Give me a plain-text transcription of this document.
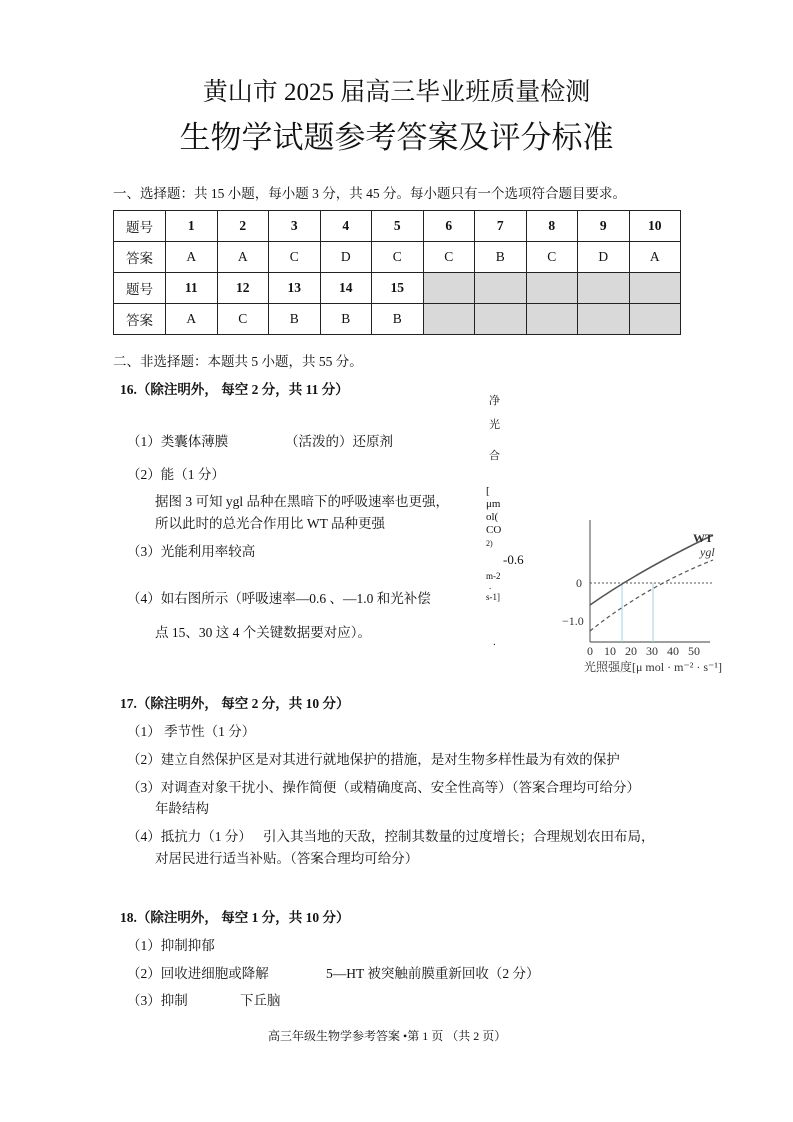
黄山市 2025 届高三毕业班质量检测
生物学试题参考答案及评分标准
一、选择题：共 15 小题，每小题 3 分，共 45 分。每小题只有一个选项符合题目要求。
题号	1	2	3	4	5	6	7	8	9	10
答案	A	A	C	D	C	C	B	C	D	A
题号	11	12	13	14	15					
答案	A	C	B	B	B					
二、非选择题：本题共 5 小题，共 55 分。
16.（除注明外， 每空 2 分，共 11 分）
（1）类囊体薄膜	（活泼的）还原剂
（2）能（1 分）
据图 3 可知 ygl 品种在黑暗下的呼吸速率也更强，
所以此时的总光合作用比 WT 品种更强
（3）光能利用率较高
（4）如右图所示（呼吸速率—0.6 、—1.0 和光补偿
点 15、30 这 4 个关键数据要对应）。
净
光
合
[
μm
ol(
CO
2)
-0.6
m-2
.
s-1]
.
0
−1.0
0 10 20 30 40 50
光照强度[μ mol · m⁻² · s⁻¹]
WT
ygl
17.（除注明外， 每空 2 分，共 10 分）
（1） 季节性（1 分）
（2）建立自然保护区是对其进行就地保护的措施，是对生物多样性最为有效的保护
（3）对调查对象干扰小、操作简便（或精确度高、安全性高等）（答案合理均可给分）
年龄结构
（4）抵抗力（1 分） 引入其当地的天敌，控制其数量的过度增长；合理规划农田布局，
对居民进行适当补贴。（答案合理均可给分）
18.（除注明外， 每空 1 分，共 10 分）
（1）抑制抑郁
（2）回收进细胞或降解	5—HT 被突触前膜重新回收（2 分）
（3）抑制	下丘脑
高三年级生物学参考答案 •第 1 页 （共 2 页）
